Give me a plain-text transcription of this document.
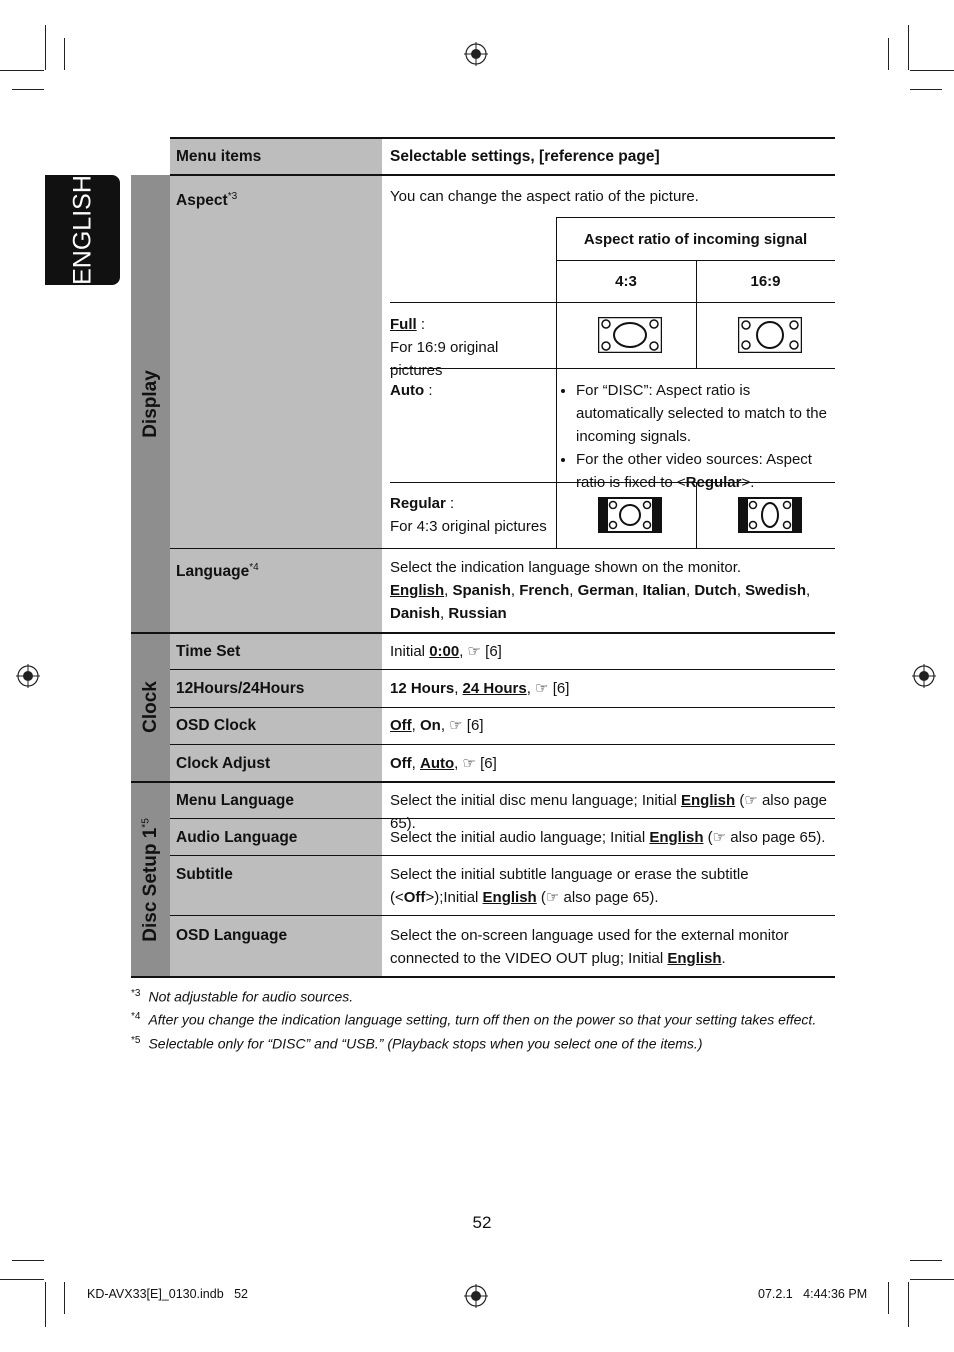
ENGLISH
Display
Clock
Disc Setup 1$^{*5}$
Menu items	Selectable settings, [reference page]
Aspect$^{*3}$	You can change the aspect ratio of the picture.
Aspect ratio of incoming signal
4:3	16:9
Full :
For 16:9 original pictures
Auto :
•	For “DISC”: Aspect ratio is automatically selected to match to the incoming signals.
• For the other video sources: Aspect ratio is fixed to <Regular>.
Regular :
For 4:3 original pictures
Language$^{*4}$	Select the indication language shown on the monitor.
English, Spanish, French, German, Italian, Dutch, Swedish,
Danish, Russian
Time Set	Initial 0:00, ☞ [6]
12Hours/24Hours	12 Hours, 24 Hours, ☞ [6]
OSD Clock	Off, On, ☞ [6]
Clock Adjust	Off, Auto, ☞ [6]
Menu Language	Select the initial disc menu language; Initial English (☞ also page 65).
Audio Language	Select the initial audio language; Initial English (☞ also page 65).
Subtitle	Select the initial subtitle language or erase the subtitle (<Off>);Initial English (☞ also page 65).
OSD Language	Select the on-screen language used for the external monitor connected to the VIDEO OUT plug; Initial English.
$^{*3}$ Not adjustable for audio sources.
$^{*4}$ After you change the indication language setting, turn off then on the power so that your setting takes effect.
$^{*5}$ Selectable only for “DISC” and “USB.” (Playback stops when you select one of the items.)
52
KD-AVX33[E]_0130.indb   52	07.2.1   4:44:36 PM
